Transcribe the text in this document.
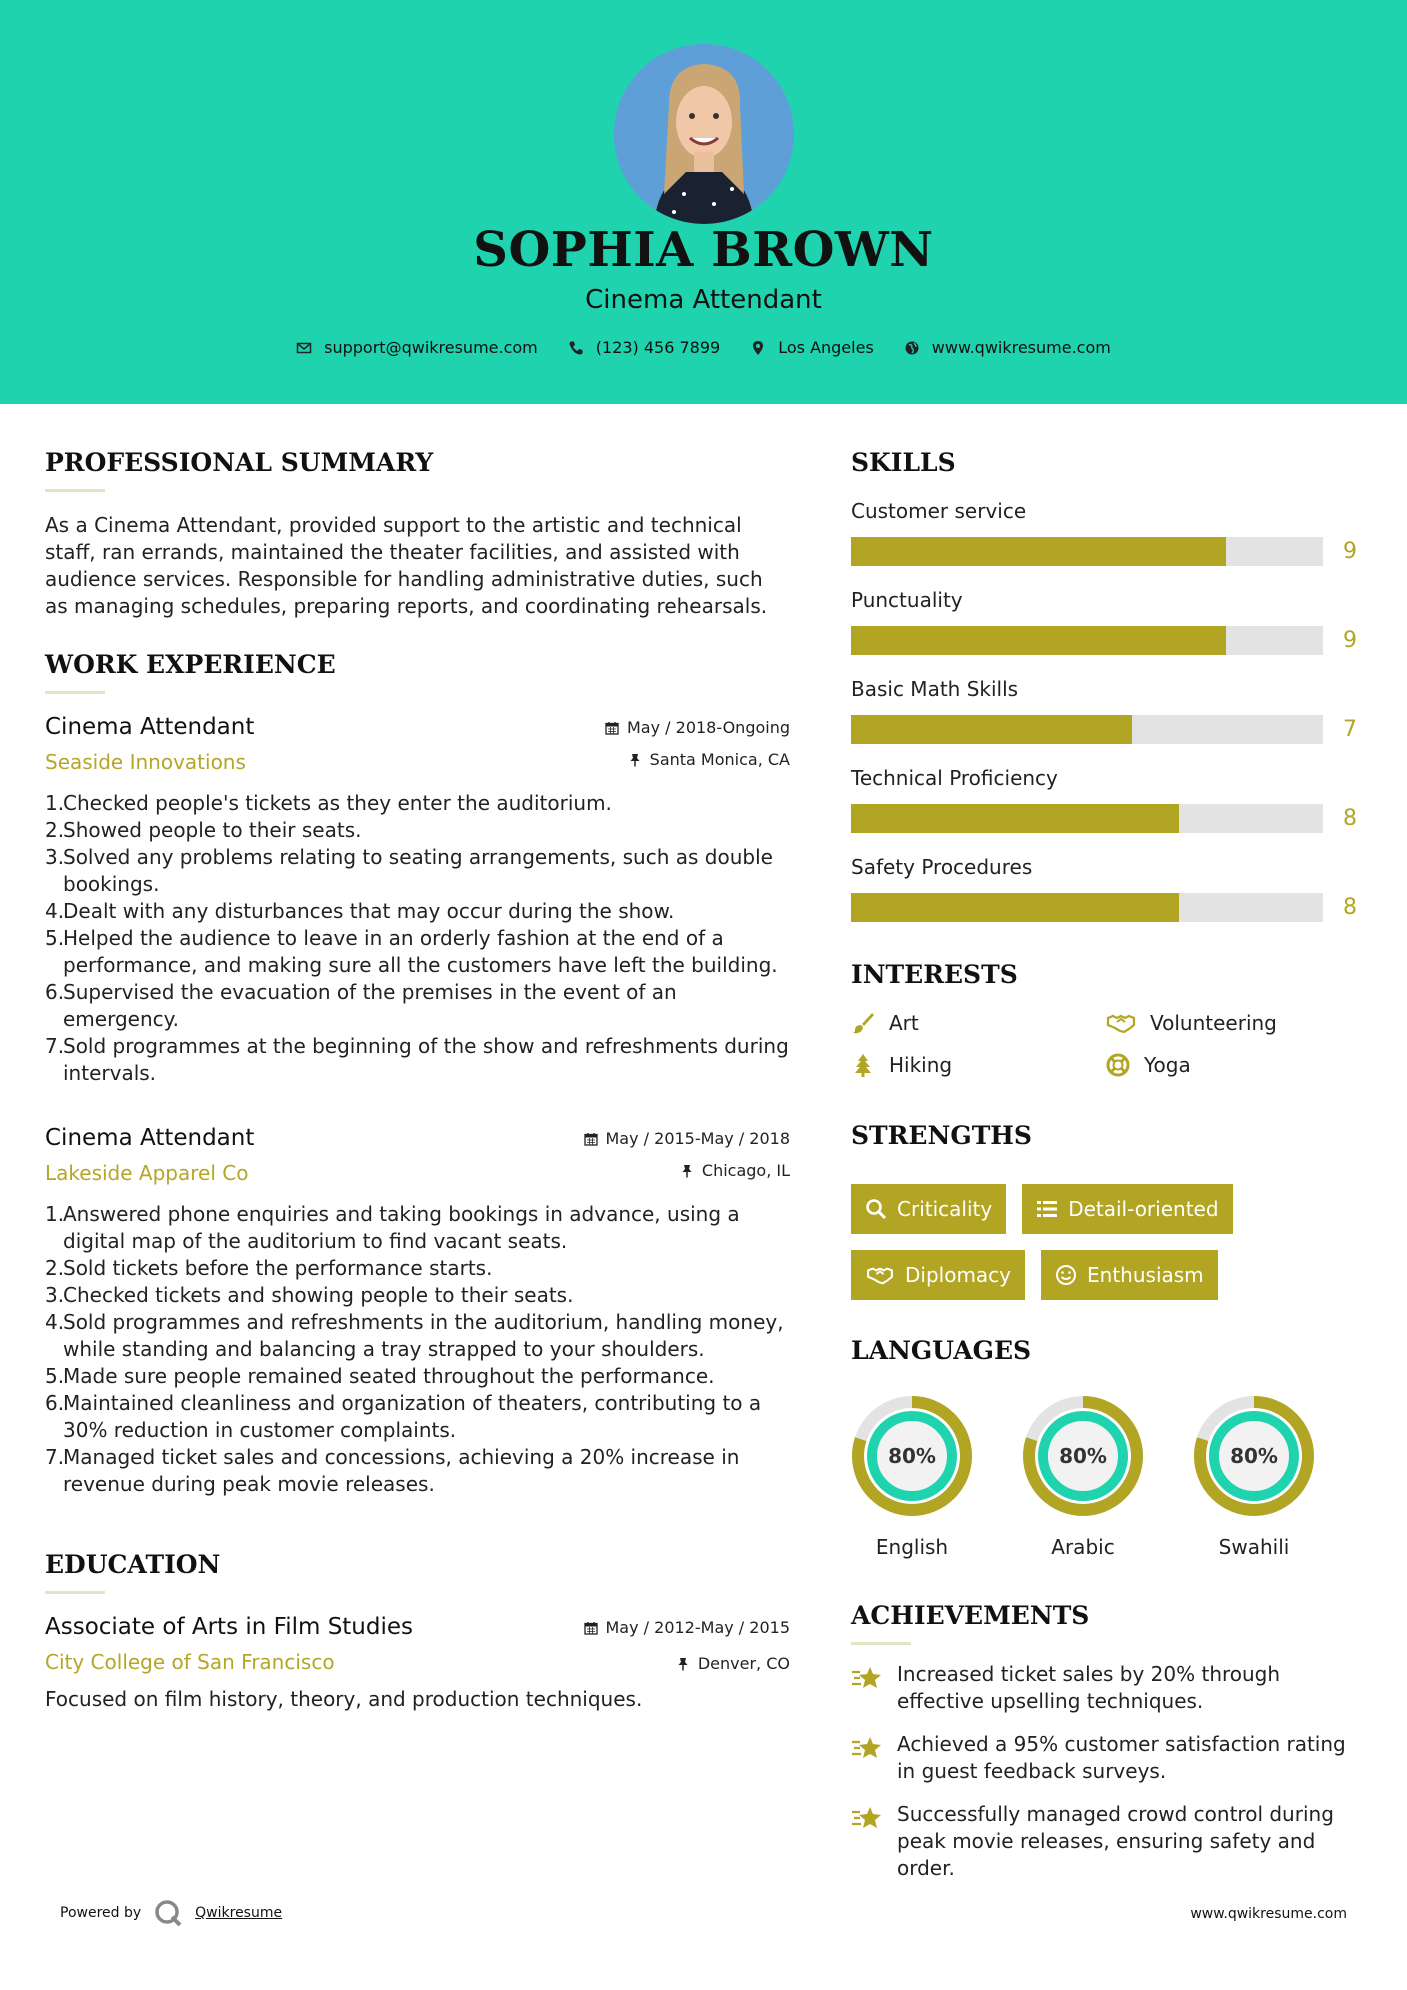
SOPHIA BROWN
Cinema Attendant
support@qwikresume.com	(123) 456 7899	Los Angeles	www.qwikresume.com
PROFESSIONAL SUMMARY
As a Cinema Attendant, provided support to the artistic and technical staff, ran errands, maintained the theater facilities, and assisted with audience services. Responsible for handling administrative duties, such as managing schedules, preparing reports, and coordinating rehearsals.
WORK EXPERIENCE
May / 2018-Ongoing
Santa Monica, CA
Cinema Attendant
Seaside Innovations
1.Checked people's tickets as they enter the auditorium.
2.Showed people to their seats.
3.Solved any problems relating to seating arrangements, such as double bookings.
4.Dealt with any disturbances that may occur during the show.
5.Helped the audience to leave in an orderly fashion at the end of a performance, and making sure all the customers have left the building.
6.Supervised the evacuation of the premises in the event of an emergency.
7.Sold programmes at the beginning of the show and refreshments during intervals.
May / 2015-May / 2018
Chicago, IL
Cinema Attendant
Lakeside Apparel Co
1.Answered phone enquiries and taking bookings in advance, using a digital map of the auditorium to find vacant seats.
2.Sold tickets before the performance starts.
3.Checked tickets and showing people to their seats.
4.Sold programmes and refreshments in the auditorium, handling money, while standing and balancing a tray strapped to your shoulders.
5.Made sure people remained seated throughout the performance.
6.Maintained cleanliness and organization of theaters, contributing to a 30% reduction in customer complaints.
7.Managed ticket sales and concessions, achieving a 20% increase in revenue during peak movie releases.
EDUCATION
May / 2012-May / 2015
Denver, CO
Associate of Arts in Film Studies
City College of San Francisco
Focused on film history, theory, and production techniques.
SKILLS
Customer service
9
Punctuality
9
Basic Math Skills
7
Technical Proficiency
8
Safety Procedures
8
INTERESTS
Art	Volunteering
Hiking	Yoga
STRENGTHS
Criticality	Detail-oriented
Diplomacy	Enthusiasm
LANGUAGES
80%
English
80%
Arabic
80%
Swahili
ACHIEVEMENTS
Increased ticket sales by 20% through effective upselling techniques.
Achieved a 95% customer satisfaction rating in guest feedback surveys.
Successfully managed crowd control during peak movie releases, ensuring safety and order.
Powered by	Qwikresume	www.qwikresume.com
